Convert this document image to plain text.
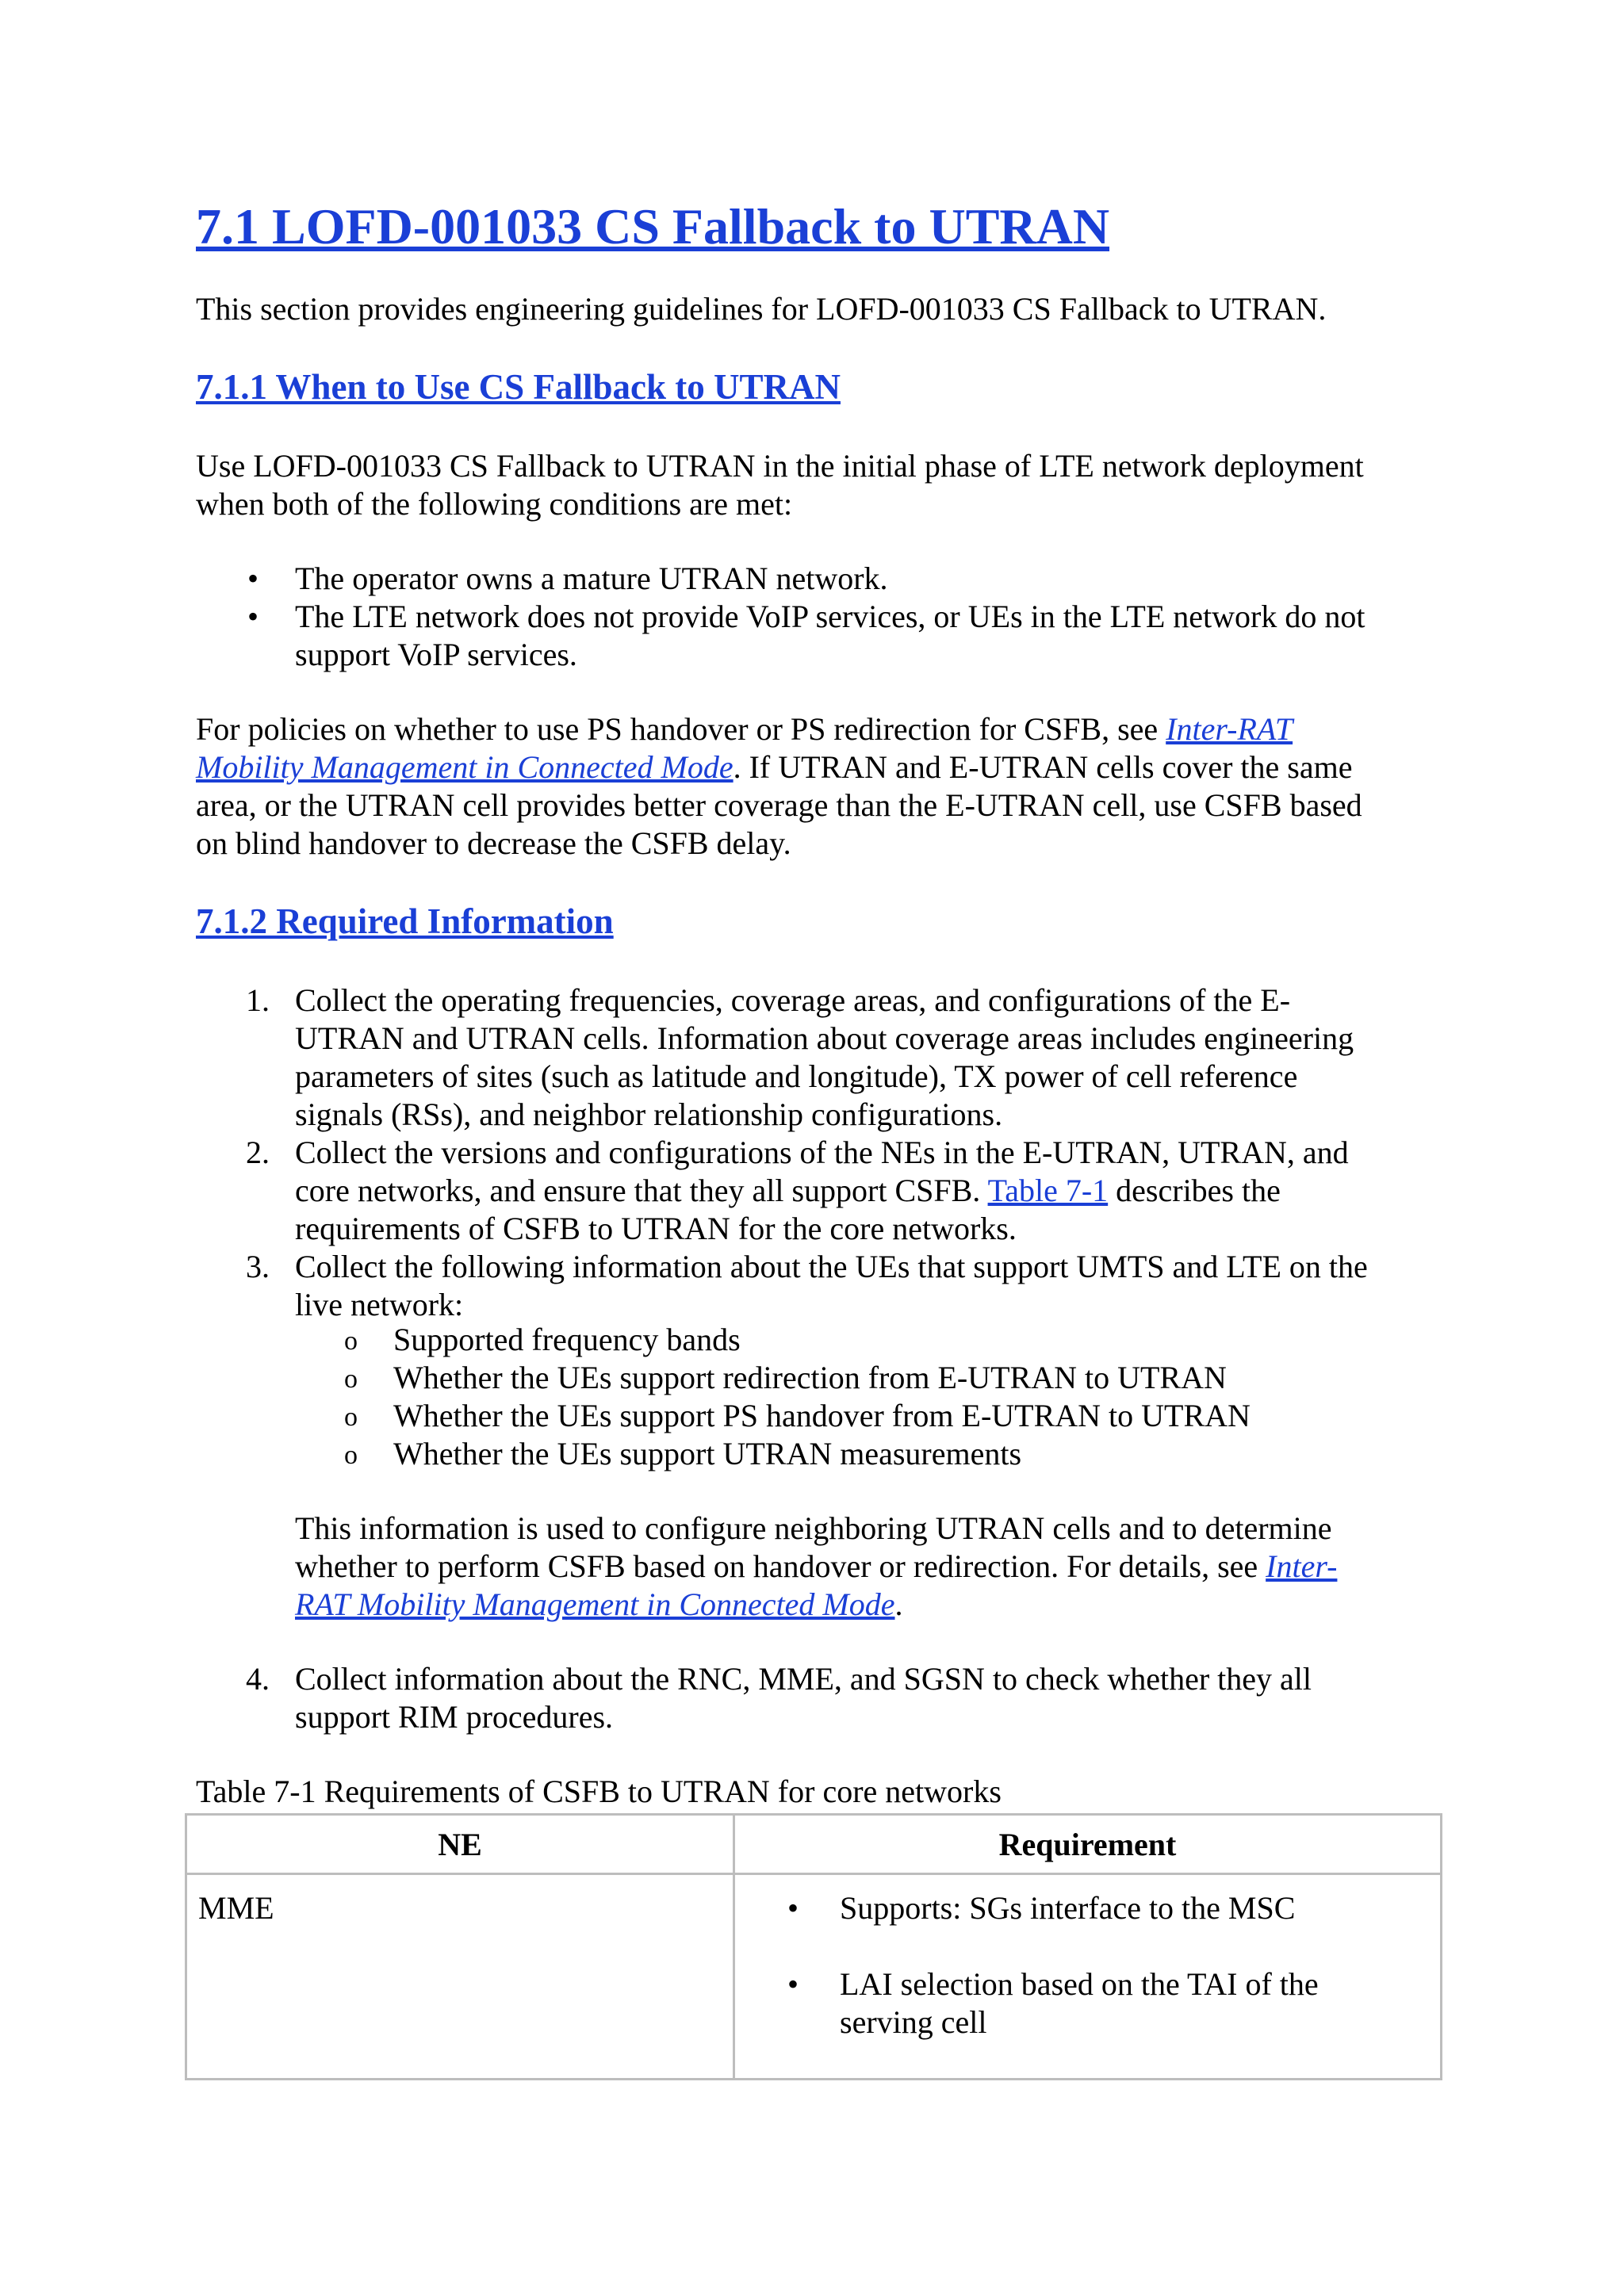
7.1 LOFD-001033 CS Fallback to UTRAN

This section provides engineering guidelines for LOFD-001033 CS Fallback to UTRAN.

7.1.1 When to Use CS Fallback to UTRAN

Use LOFD-001033 CS Fallback to UTRAN in the initial phase of LTE network deployment

when both of the following conditions are met:

• The operator owns a mature UTRAN network.

• The LTE network does not provide VoIP services, or UEs in the LTE network do not

support VoIP services.

For policies on whether to use PS handover or PS redirection for CSFB, see Inter-RAT

Mobility Management in Connected Mode. If UTRAN and E-UTRAN cells cover the same

area, or the UTRAN cell provides better coverage than the E-UTRAN cell, use CSFB based

on blind handover to decrease the CSFB delay.

7.1.2 Required Information
1. Collect the operating frequencies, coverage areas, and configurations of the E-

UTRAN and UTRAN cells. Information about coverage areas includes engineering

parameters of sites (such as latitude and longitude), TX power of cell reference

signals (RSs), and neighbor relationship configurations.

2. Collect the versions and configurations of the NEs in the E-UTRAN, UTRAN, and

core networks, and ensure that they all support CSFB. Table 7-1 describes the

requirements of CSFB to UTRAN for the core networks.

3. Collect the following information about the UEs that support UMTS and LTE on the

live network:

o Supported frequency bands

o Whether the UEs support redirection from E-UTRAN to UTRAN

o Whether the UEs support PS handover from E-UTRAN to UTRAN

o Whether the UEs support UTRAN measurements

This information is used to configure neighboring UTRAN cells and to determine

whether to perform CSFB based on handover or redirection. For details, see Inter-

RAT Mobility Management in Connected Mode.

4. Collect information about the RNC, MME, and SGSN to check whether they all

support RIM procedures.

Table 7-1 Requirements of CSFB to UTRAN for core networks

NE	Requirement

MME	• Supports: SGs interface to the MSC
• LAI selection based on the TAI of the
serving cell
